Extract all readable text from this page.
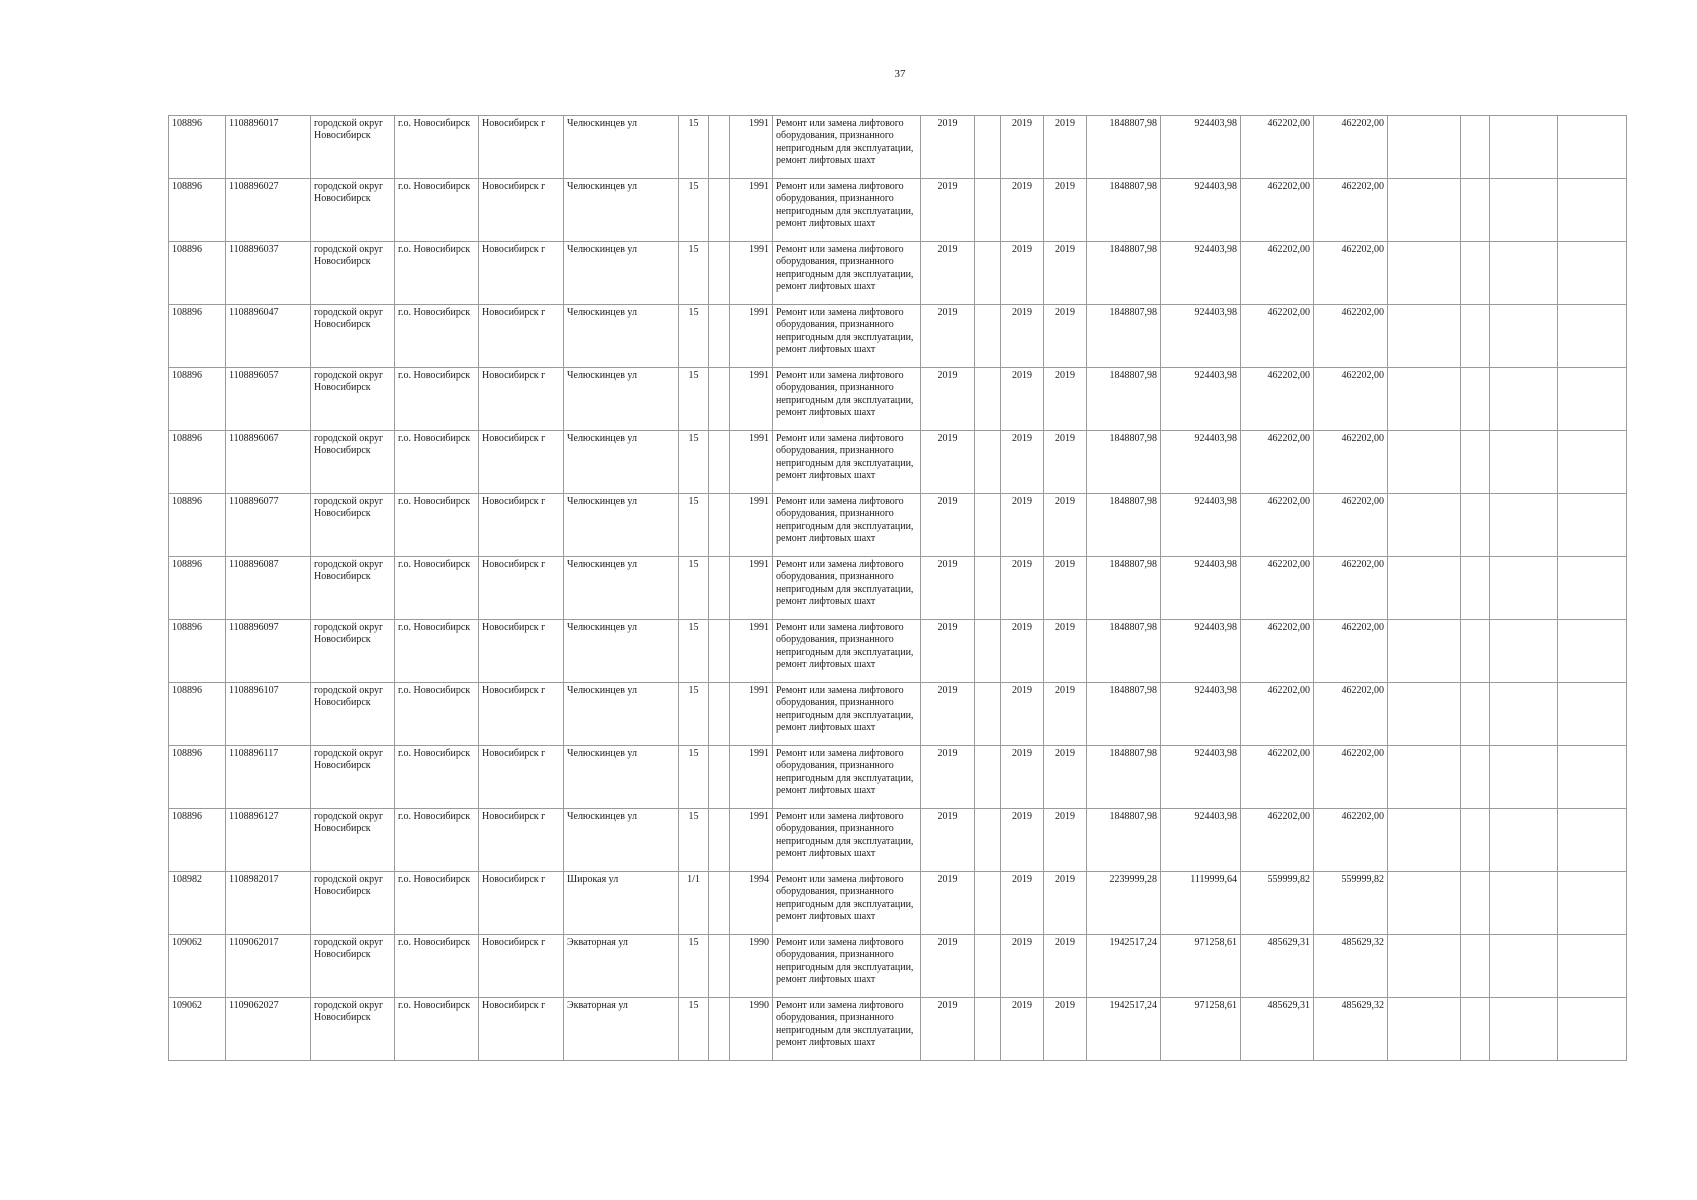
37
108896	1108896017	городской округ Новосибирск	г.о. Новосибирск	Новосибирск г	Челюскинцев ул	15		1991	Ремонт или замена лифтового оборудования, признанного непригодным для эксплуатации, ремонт лифтовых шахт	2019		2019	2019	1848807,98	924403,98	462202,00	462202,00				
108896	1108896027	городской округ Новосибирск	г.о. Новосибирск	Новосибирск г	Челюскинцев ул	15		1991	Ремонт или замена лифтового оборудования, признанного непригодным для эксплуатации, ремонт лифтовых шахт	2019		2019	2019	1848807,98	924403,98	462202,00	462202,00				
108896	1108896037	городской округ Новосибирск	г.о. Новосибирск	Новосибирск г	Челюскинцев ул	15		1991	Ремонт или замена лифтового оборудования, признанного непригодным для эксплуатации, ремонт лифтовых шахт	2019		2019	2019	1848807,98	924403,98	462202,00	462202,00				
108896	1108896047	городской округ Новосибирск	г.о. Новосибирск	Новосибирск г	Челюскинцев ул	15		1991	Ремонт или замена лифтового оборудования, признанного непригодным для эксплуатации, ремонт лифтовых шахт	2019		2019	2019	1848807,98	924403,98	462202,00	462202,00				
108896	1108896057	городской округ Новосибирск	г.о. Новосибирск	Новосибирск г	Челюскинцев ул	15		1991	Ремонт или замена лифтового оборудования, признанного непригодным для эксплуатации, ремонт лифтовых шахт	2019		2019	2019	1848807,98	924403,98	462202,00	462202,00				
108896	1108896067	городской округ Новосибирск	г.о. Новосибирск	Новосибирск г	Челюскинцев ул	15		1991	Ремонт или замена лифтового оборудования, признанного непригодным для эксплуатации, ремонт лифтовых шахт	2019		2019	2019	1848807,98	924403,98	462202,00	462202,00				
108896	1108896077	городской округ Новосибирск	г.о. Новосибирск	Новосибирск г	Челюскинцев ул	15		1991	Ремонт или замена лифтового оборудования, признанного непригодным для эксплуатации, ремонт лифтовых шахт	2019		2019	2019	1848807,98	924403,98	462202,00	462202,00				
108896	1108896087	городской округ Новосибирск	г.о. Новосибирск	Новосибирск г	Челюскинцев ул	15		1991	Ремонт или замена лифтового оборудования, признанного непригодным для эксплуатации, ремонт лифтовых шахт	2019		2019	2019	1848807,98	924403,98	462202,00	462202,00				
108896	1108896097	городской округ Новосибирск	г.о. Новосибирск	Новосибирск г	Челюскинцев ул	15		1991	Ремонт или замена лифтового оборудования, признанного непригодным для эксплуатации, ремонт лифтовых шахт	2019		2019	2019	1848807,98	924403,98	462202,00	462202,00				
108896	1108896107	городской округ Новосибирск	г.о. Новосибирск	Новосибирск г	Челюскинцев ул	15		1991	Ремонт или замена лифтового оборудования, признанного непригодным для эксплуатации, ремонт лифтовых шахт	2019		2019	2019	1848807,98	924403,98	462202,00	462202,00				
108896	1108896117	городской округ Новосибирск	г.о. Новосибирск	Новосибирск г	Челюскинцев ул	15		1991	Ремонт или замена лифтового оборудования, признанного непригодным для эксплуатации, ремонт лифтовых шахт	2019		2019	2019	1848807,98	924403,98	462202,00	462202,00				
108896	1108896127	городской округ Новосибирск	г.о. Новосибирск	Новосибирск г	Челюскинцев ул	15		1991	Ремонт или замена лифтового оборудования, признанного непригодным для эксплуатации, ремонт лифтовых шахт	2019		2019	2019	1848807,98	924403,98	462202,00	462202,00				
108982	1108982017	городской округ Новосибирск	г.о. Новосибирск	Новосибирск г	Широкая ул	1/1		1994	Ремонт или замена лифтового оборудования, признанного непригодным для эксплуатации, ремонт лифтовых шахт	2019		2019	2019	2239999,28	1119999,64	559999,82	559999,82				
109062	1109062017	городской округ Новосибирск	г.о. Новосибирск	Новосибирск г	Экваторная ул	15		1990	Ремонт или замена лифтового оборудования, признанного непригодным для эксплуатации, ремонт лифтовых шахт	2019		2019	2019	1942517,24	971258,61	485629,31	485629,32				
109062	1109062027	городской округ Новосибирск	г.о. Новосибирск	Новосибирск г	Экваторная ул	15		1990	Ремонт или замена лифтового оборудования, признанного непригодным для эксплуатации, ремонт лифтовых шахт	2019		2019	2019	1942517,24	971258,61	485629,31	485629,32				
